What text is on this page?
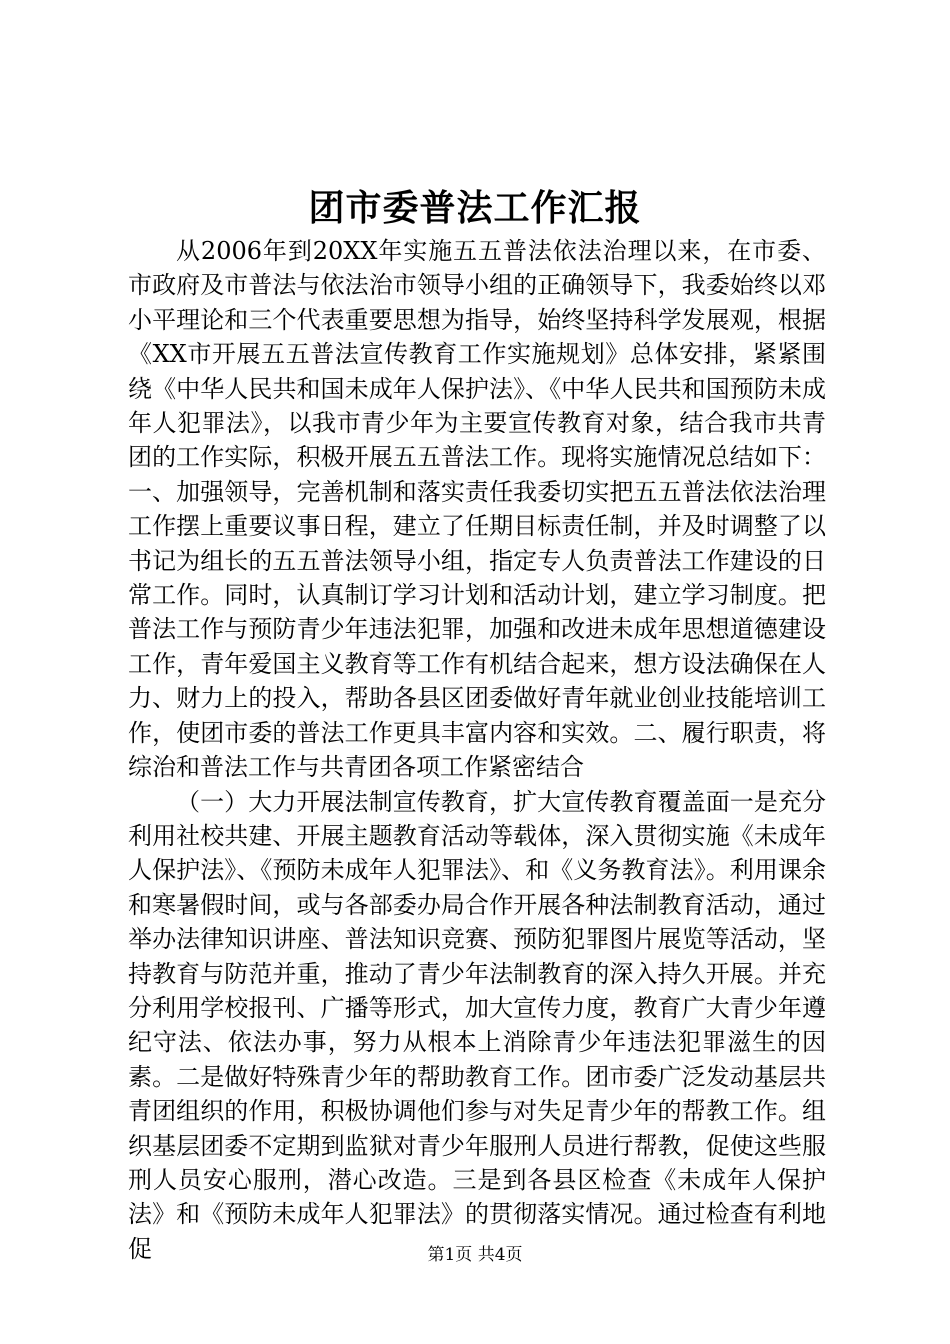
团市委普法工作汇报

从2006年到20XX年实施五五普法依法治理以来，在市委、市政府及市普法与依法治市领导小组的正确领导下，我委始终以邓小平理论和三个代表重要思想为指导，始终坚持科学发展观，根据《XX市开展五五普法宣传教育工作实施规划》总体安排，紧紧围绕《中华人民共和国未成年人保护法》、《中华人民共和国预防未成年人犯罪法》，以我市青少年为主要宣传教育对象，结合我市共青团的工作实际，积极开展五五普法工作。现将实施情况总结如下：一、加强领导，完善机制和落实责任我委切实把五五普法依法治理工作摆上重要议事日程，建立了任期目标责任制，并及时调整了以书记为组长的五五普法领导小组，指定专人负责普法工作建设的日常工作。同时，认真制订学习计划和活动计划，建立学习制度。把普法工作与预防青少年违法犯罪，加强和改进未成年思想道德建设工作，青年爱国主义教育等工作有机结合起来，想方设法确保在人力、财力上的投入，帮助各县区团委做好青年就业创业技能培训工作，使团市委的普法工作更具丰富内容和实效。二、履行职责，将综治和普法工作与共青团各项工作紧密结合

（一）大力开展法制宣传教育，扩大宣传教育覆盖面一是充分利用社校共建、开展主题教育活动等载体，深入贯彻实施《未成年人保护法》、《预防未成年人犯罪法》、和《义务教育法》。利用课余和寒暑假时间，或与各部委办局合作开展各种法制教育活动，通过举办法律知识讲座、普法知识竞赛、预防犯罪图片展览等活动，坚持教育与防范并重，推动了青少年法制教育的深入持久开展。并充分利用学校报刊、广播等形式，加大宣传力度，教育广大青少年遵纪守法、依法办事，努力从根本上消除青少年违法犯罪滋生的因素。二是做好特殊青少年的帮助教育工作。团市委广泛发动基层共青团组织的作用，积极协调他们参与对失足青少年的帮教工作。组织基层团委不定期到监狱对青少年服刑人员进行帮教，促使这些服刑人员安心服刑，潜心改造。三是到各县区检查《未成年人保护法》和《预防未成年人犯罪法》的贯彻落实情况。通过检查有利地促	第1页 共4页
